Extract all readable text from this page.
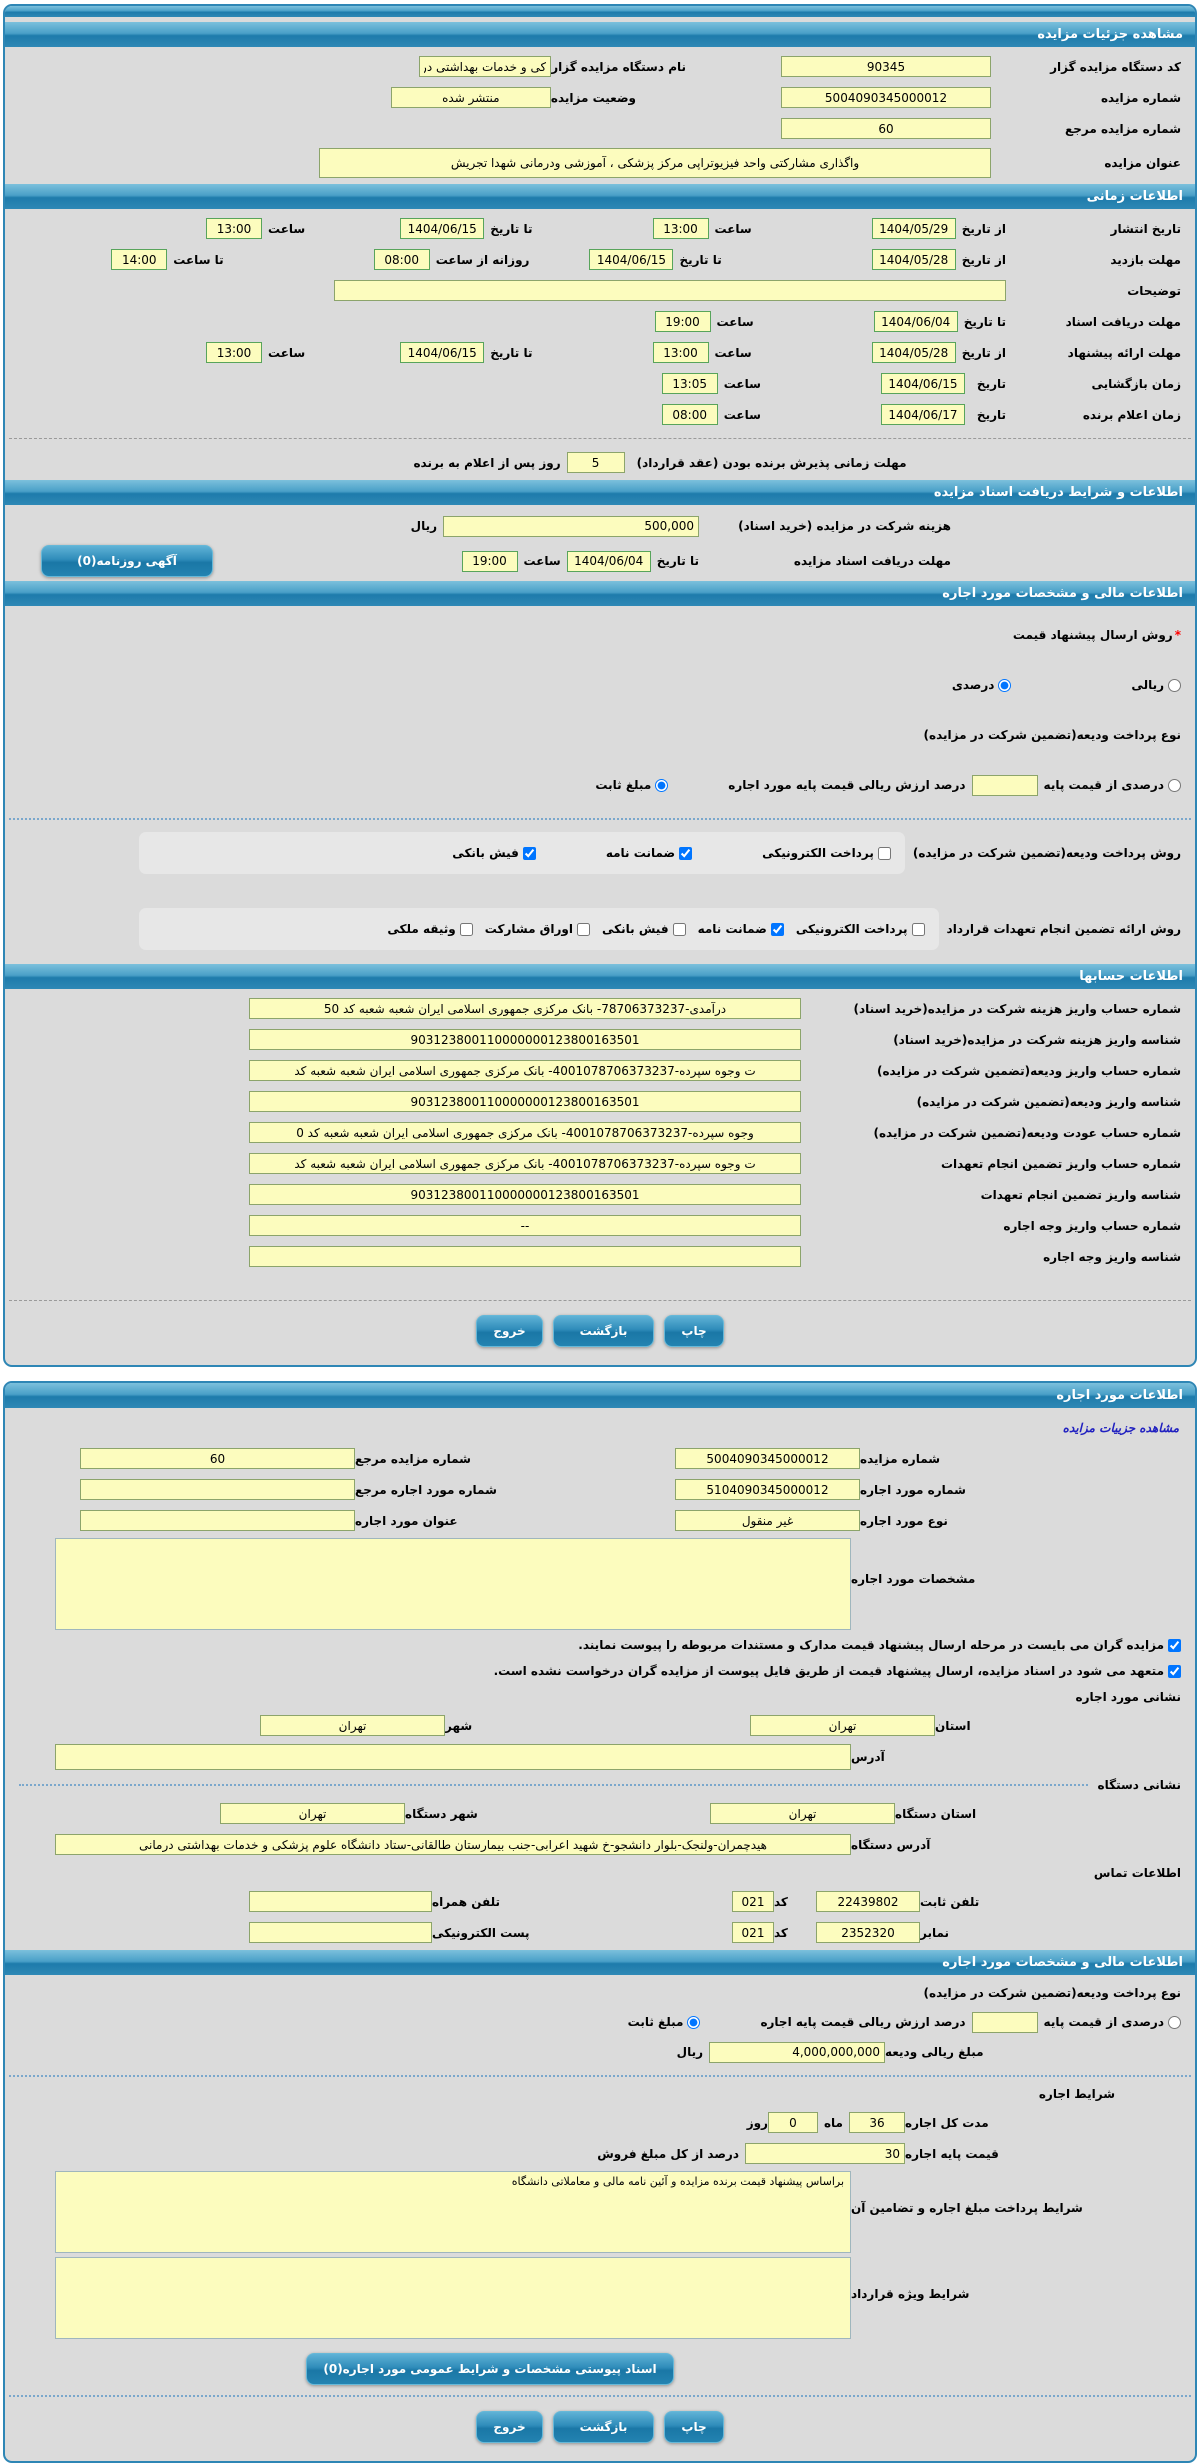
مشاهده جزئیات مزایده
کد دستگاه مزایده گزار
90345
نام دستگاه مزایده گزار
کی و خدمات بهداشتی درم
شماره مزایده
5004090345000012
وضعیت مزایده
منتشر شده
شماره مزایده مرجع
60
عنوان مزایده
واگذاری مشارکتی واحد فیزیوتراپی مرکز پزشکی ، آموزشی ودرمانی شهدا تجریش
اطلاعات زمانی
تاریخ انتشار
از تاریخ
1404/05/29
ساعت
13:00
تا تاریخ
1404/06/15
ساعت
13:00
مهلت بازدید
از تاریخ
1404/05/28
تا تاریخ
1404/06/15
روزانه از ساعت
08:00
تا ساعت
14:00
توضیحات
مهلت دریافت اسناد
تا تاریخ
1404/06/04
ساعت
19:00
مهلت ارائه پیشنهاد
از تاریخ
1404/05/28
ساعت
13:00
تا تاریخ
1404/06/15
ساعت
13:00
زمان بازگشایی
تاریخ
1404/06/15
ساعت
13:05
زمان اعلام برنده
تاریخ
1404/06/17
ساعت
08:00
مهلت زمانی پذیرش برنده بودن (عقد قرارداد)
5
روز پس از اعلام به برنده
اطلاعات و شرایط دریافت اسناد مزایده
هزینه شرکت در مزایده (خرید اسناد)
500,000
ریال
مهلت دریافت اسناد مزایده
تا تاریخ
1404/06/04
ساعت
19:00
آگهی روزنامه(0)
اطلاعات مالی و مشخصات مورد اجاره
*
روش ارسال پیشنهاد قیمت
ریالی
درصدی
نوع پرداخت ودیعه(تضمین شرکت در مزایده)
درصدی از قیمت پایه
درصد ارزش ریالی قیمت پایه مورد اجاره
مبلغ ثابت
روش پرداخت ودیعه(تضمین شرکت در مزایده)
پرداخت الکترونیکی
ضمانت نامه
فیش بانکی
روش ارائه تضمین انجام تعهدات قرارداد
پرداخت الکترونیکی
ضمانت نامه
فیش بانکی
اوراق مشارکت
وثیقه ملکی
اطلاعات حسابها
شماره حساب واریز هزینه شرکت در مزایده(خرید اسناد)
درآمدی-78706373237- بانک مرکزی جمهوری اسلامی ایران شعبه شعبه کد 50
شناسه واریز هزینه شرکت در مزایده(خرید اسناد)
903123800110000000123800163501
شماره حساب واریز ودیعه(تضمین شرکت در مزایده)
ت وجوه سپرده-4001078706373237- بانک مرکزی جمهوری اسلامی ایران شعبه شعبه کد
شناسه واریز ودیعه(تضمین شرکت در مزایده)
903123800110000000123800163501
شماره حساب عودت ودیعه(تضمین شرکت در مزایده)
وجوه سپرده-4001078706373237- بانک مرکزی جمهوری اسلامی ایران شعبه شعبه کد 0
شماره حساب واریز تضمین انجام تعهدات
ت وجوه سپرده-4001078706373237- بانک مرکزی جمهوری اسلامی ایران شعبه شعبه کد
شناسه واریز تضمین انجام تعهدات
903123800110000000123800163501
شماره حساب واریز وجه اجاره
--
شناسه واریز وجه اجاره
چاپ
بازگشت
خروج
اطلاعات مورد اجاره
مشاهده جزییات مزایده
شماره مزایده
5004090345000012
شماره مزایده مرجع
60
شماره مورد اجاره
5104090345000012
شماره مورد اجاره مرجع
نوع مورد اجاره
غیر منقول
عنوان مورد اجاره
مشخصات مورد اجاره
مزایده گران می بایست در مرحله ارسال پیشنهاد قیمت مدارک و مستندات مربوطه را پیوست نمایند.
متعهد می شود در اسناد مزایده، ارسال پیشنهاد قیمت از طریق فایل پیوست از مزایده گران درخواست نشده است.
نشانی مورد اجاره
استان
تهران
شهر
تهران
آدرس
نشانی دستگاه
استان دستگاه
تهران
شهر دستگاه
تهران
آدرس دستگاه
هیدچمران-ولنجک-بلوار دانشجو-خ شهید اعرابی-جنب بیمارستان طالقانی-ستاد دانشگاه علوم پزشکی و خدمات بهداشتی درمانی
اطلاعات تماس
تلفن ثابت
22439802
کد
021
تلفن همراه
نمابر
2352320
کد
021
پست الکترونیکی
اطلاعات مالی و مشخصات مورد اجاره
نوع پرداخت ودیعه(تضمین شرکت در مزایده)
درصدی از قیمت پایه
درصد ارزش ریالی قیمت پایه اجاره
مبلغ ثابت
مبلغ ریالی ودیعه
4,000,000,000
ریال
شرایط اجاره
مدت کل اجاره
36
ماه
0
روز
قیمت پایه اجاره
30
درصد از کل مبلغ فروش
شرایط پرداخت مبلغ اجاره و تضامین آن
براساس پیشنهاد قیمت برنده مزایده و آئین نامه مالی و معاملاتی دانشگاه
شرایط ویژه قرارداد
اسناد پیوستی مشخصات و شرایط عمومی مورد اجاره(0)
چاپ
بازگشت
خروج
